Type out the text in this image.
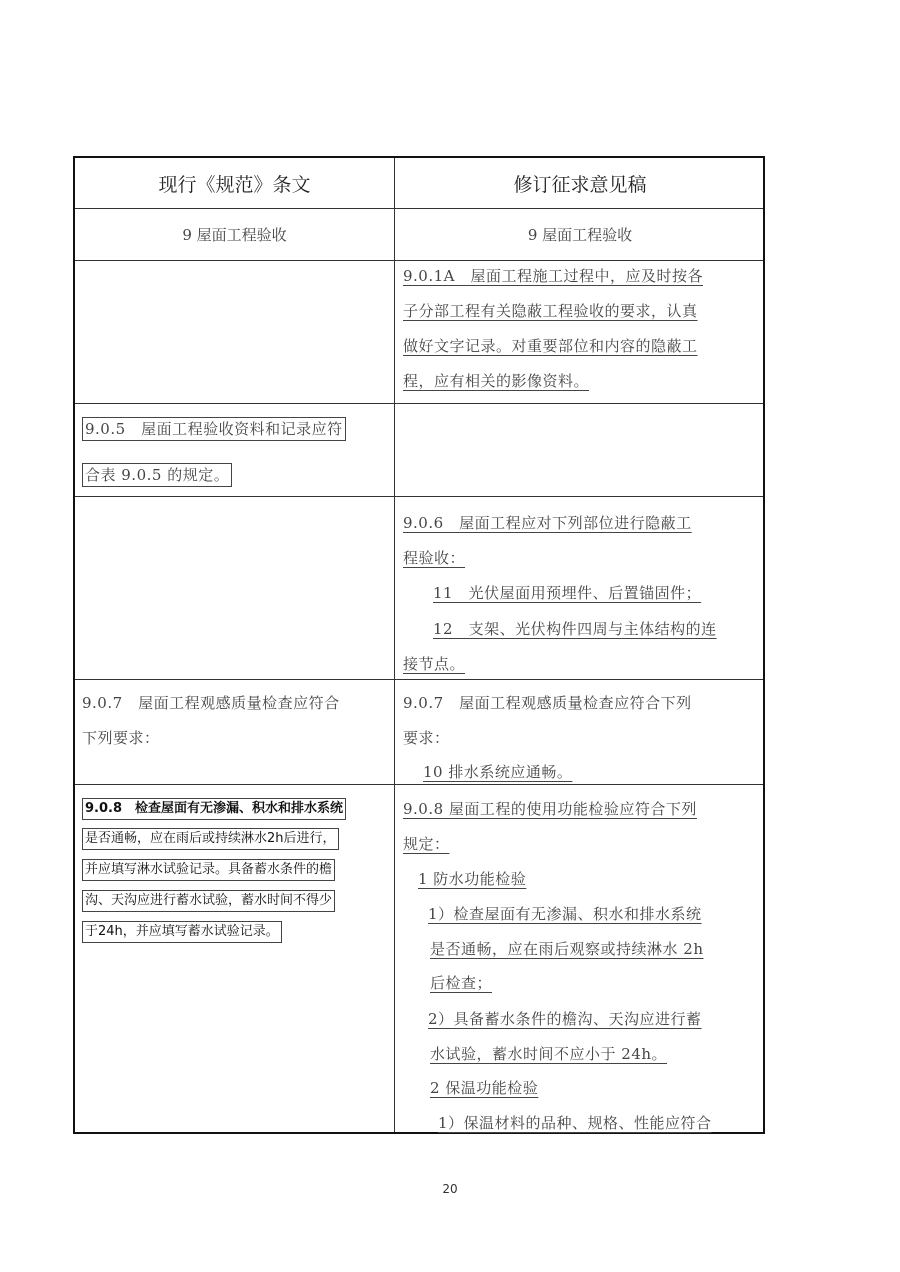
现行《规范》条文	修订征求意见稿
9 屋面工程验收	9 屋面工程验收
9.0.1A　屋面工程施工过程中，应及时按各
子分部工程有关隐蔽工程验收的要求，认真
做好文字记录。对重要部位和内容的隐蔽工
程，应有相关的影像资料。
9.0.5　屋面工程验收资料和记录应符
合表 9.0.5 的规定。
9.0.6　屋面工程应对下列部位进行隐蔽工
程验收：
11　光伏屋面用预埋件、后置锚固件；
12　支架、光伏构件四周与主体结构的连
接节点。
9.0.7　屋面工程观感质量检查应符合
下列要求：
9.0.7　屋面工程观感质量检查应符合下列
要求：
10 排水系统应通畅。
9.0.8　检查屋面有无渗漏、积水和排水系统
是否通畅，应在雨后或持续淋水2h后进行，
并应填写淋水试验记录。具备蓄水条件的檐
沟、天沟应进行蓄水试验，蓄水时间不得少
于24h，并应填写蓄水试验记录。
9.0.8 屋面工程的使用功能检验应符合下列
规定：
1 防水功能检验
1）检查屋面有无渗漏、积水和排水系统
是否通畅，应在雨后观察或持续淋水 2h
后检查；
2）具备蓄水条件的檐沟、天沟应进行蓄
水试验，蓄水时间不应小于 24h。
2 保温功能检验
1）保温材料的品种、规格、性能应符合
20
